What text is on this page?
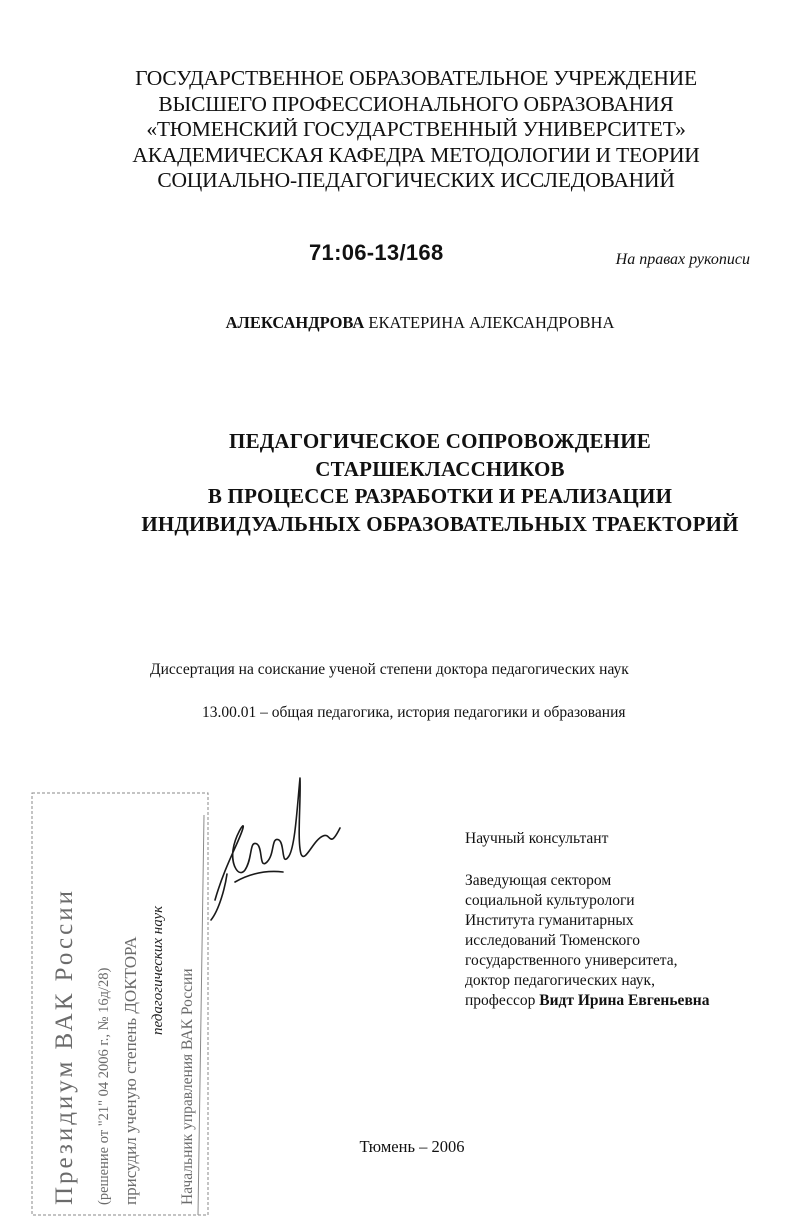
ГОСУДАРСТВЕННОЕ ОБРАЗОВАТЕЛЬНОЕ УЧРЕЖДЕНИЕ
ВЫСШЕГО ПРОФЕССИОНАЛЬНОГО ОБРАЗОВАНИЯ
«ТЮМЕНСКИЙ ГОСУДАРСТВЕННЫЙ УНИВЕРСИТЕТ»
АКАДЕМИЧЕСКАЯ КАФЕДРА МЕТОДОЛОГИИ И ТЕОРИИ
СОЦИАЛЬНО-ПЕДАГОГИЧЕСКИХ ИССЛЕДОВАНИЙ
71:06-13/168	На правах рукописи
АЛЕКСАНДРОВА ЕКАТЕРИНА АЛЕКСАНДРОВНА
ПЕДАГОГИЧЕСКОЕ СОПРОВОЖДЕНИЕ
СТАРШЕКЛАССНИКОВ
В ПРОЦЕССЕ РАЗРАБОТКИ И РЕАЛИЗАЦИИ
ИНДИВИДУАЛЬНЫХ ОБРАЗОВАТЕЛЬНЫХ ТРАЕКТОРИЙ
Диссертация на соискание ученой степени доктора педагогических наук
13.00.01 – общая педагогика, история педагогики и образования
Научный консультант
Заведующая сектором
социальной культурологи
Института гуманитарных
исследований Тюменского
государственного университета,
доктор педагогических наук,
профессор Видт Ирина Евгеньевна
Президиум ВАК России (решение от "21" 04 2006 г., № 16д/28) присудил ученую степень ДОКТОРА педагогических наук Начальник управления ВАК России	Тюмень – 2006
